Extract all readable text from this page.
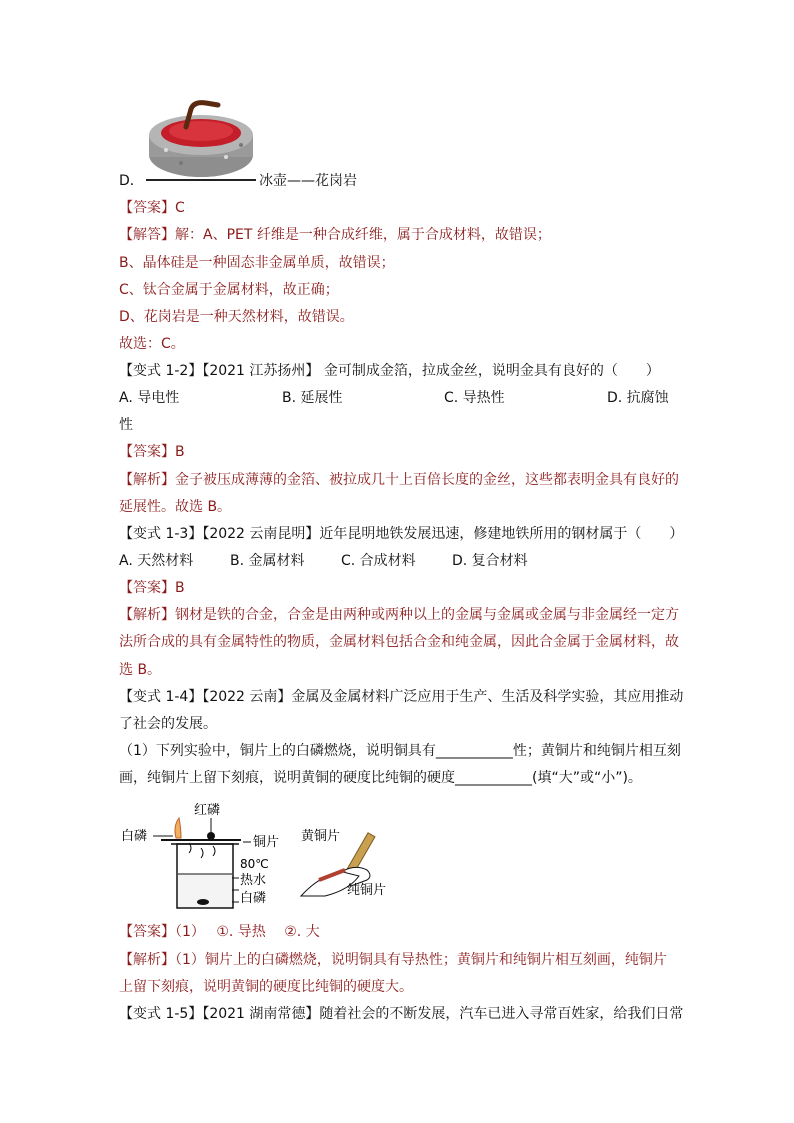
D．	冰壶——花岗岩
【答案】C
【解答】解：A、PET 纤维是一种合成纤维，属于合成材料，故错误；
B、晶体硅是一种固态非金属单质，故错误；
C、钛合金属于金属材料，故正确；
D、花岗岩是一种天然材料，故错误。
故选：C。
【变式 1-2】【2021 江苏扬州】 金可制成金箔，拉成金丝，说明金具有良好的（　　）
A. 导电性	B. 延展性	C. 导热性	D. 抗腐蚀
性
【答案】B
【解析】金子被压成薄薄的金箔、被拉成几十上百倍长度的金丝，这些都表明金具有良好的
延展性。故选 B。
【变式 1-3】【2022 云南昆明】近年昆明地铁发展迅速，修建地铁所用的钢材属于（　　）
A. 天然材料	B. 金属材料	C. 合成材料	D. 复合材料
【答案】B
【解析】钢材是铁的合金，合金是由两种或两种以上的金属与金属或金属与非金属经一定方
法所合成的具有金属特性的物质，金属材料包括合金和纯金属，因此合金属于金属材料，故
选 B。
【变式 1-4】【2022 云南】金属及金属材料广泛应用于生产、生活及科学实验，其应用推动
了社会的发展。
（1）下列实验中，铜片上的白磷燃烧，说明铜具有___________性；黄铜片和纯铜片相互刻
画，纯铜片上留下刻痕，说明黄铜的硬度比纯铜的硬度___________(填“大”或“小”)。
红磷
白磷	铜片
80℃
热水
白磷
黄铜片
纯铜片
【答案】（1）　 ①. 导热　 ②. 大
【解析】（1）铜片上的白磷燃烧，说明铜具有导热性；黄铜片和纯铜片相互刻画，纯铜片
上留下刻痕，说明黄铜的硬度比纯铜的硬度大。
【变式 1-5】【2021 湖南常德】随着社会的不断发展，汽车已进入寻常百姓家，给我们日常
